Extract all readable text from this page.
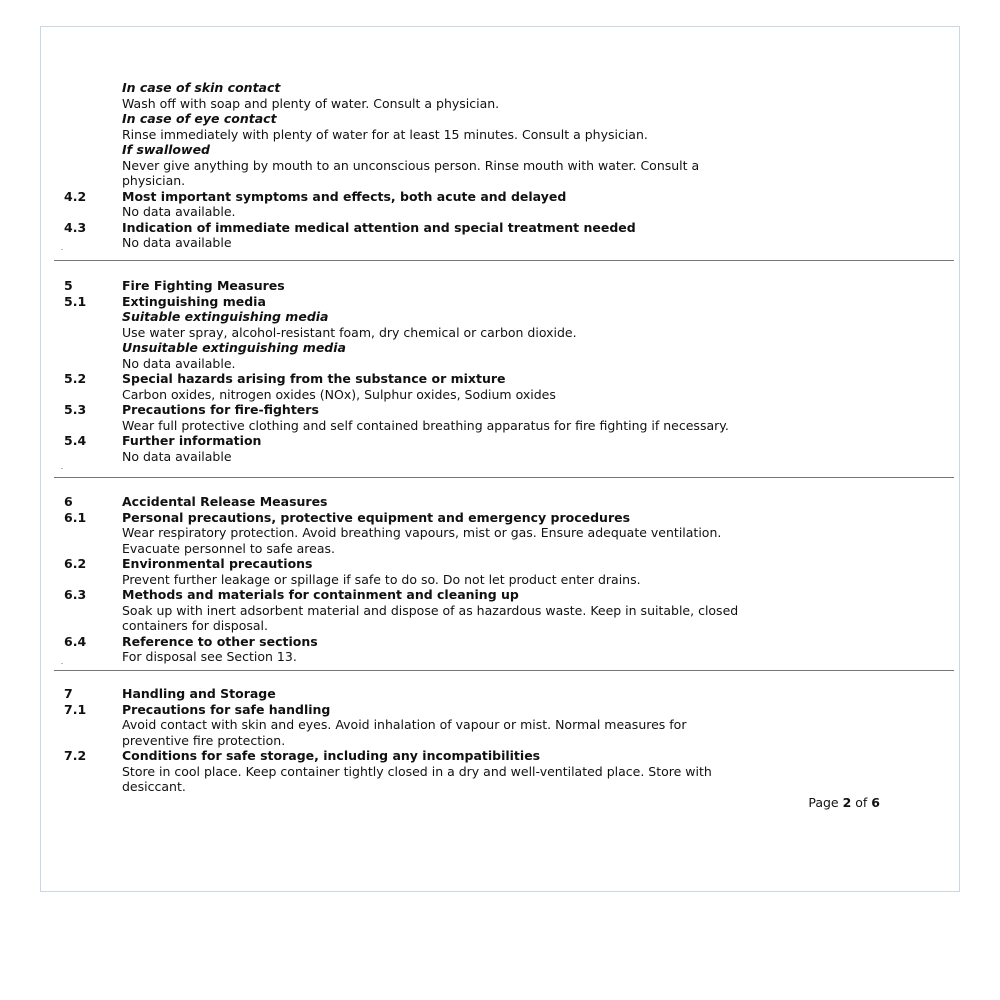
In case of skin contact
Wash off with soap and plenty of water. Consult a physician.
In case of eye contact
Rinse immediately with plenty of water for at least 15 minutes. Consult a physician.
If swallowed
Never give anything by mouth to an unconscious person. Rinse mouth with water. Consult a
physician.
4.2	Most important symptoms and effects, both acute and delayed
No data available.
4.3	Indication of immediate medical attention and special treatment needed
No data available
5	Fire Fighting Measures
5.1	Extinguishing media
Suitable extinguishing media
Use water spray, alcohol-resistant foam, dry chemical or carbon dioxide.
Unsuitable extinguishing media
No data available.
5.2	Special hazards arising from the substance or mixture
Carbon oxides, nitrogen oxides (NOx), Sulphur oxides, Sodium oxides
5.3	Precautions for fire-fighters
Wear full protective clothing and self contained breathing apparatus for fire fighting if necessary.
5.4	Further information
No data available
6	Accidental Release Measures
6.1	Personal precautions, protective equipment and emergency procedures
Wear respiratory protection. Avoid breathing vapours, mist or gas. Ensure adequate ventilation.
Evacuate personnel to safe areas.
6.2	Environmental precautions
Prevent further leakage or spillage if safe to do so. Do not let product enter drains.
6.3	Methods and materials for containment and cleaning up
Soak up with inert adsorbent material and dispose of as hazardous waste. Keep in suitable, closed
containers for disposal.
6.4	Reference to other sections
For disposal see Section 13.
7	Handling and Storage
7.1	Precautions for safe handling
Avoid contact with skin and eyes. Avoid inhalation of vapour or mist. Normal measures for
preventive fire protection.
7.2	Conditions for safe storage, including any incompatibilities
Store in cool place. Keep container tightly closed in a dry and well-ventilated place. Store with
desiccant.
Page 2 of 6
